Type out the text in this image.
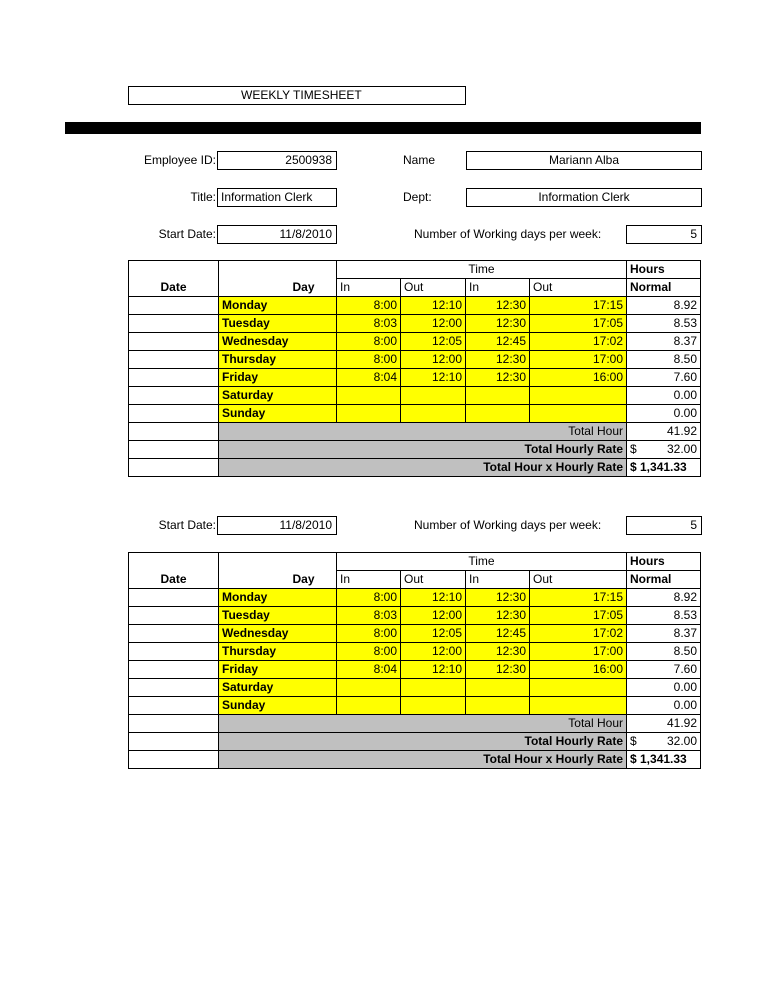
WEEKLY TIMESHEET
Employee ID:	2500938	Name	Mariann Alba
Title: Information Clerk	Dept:	Information Clerk
Start Date:	11/8/2010	Number of Working days per week:	5
		Time				Hours
Date	Day	In	Out	In	Out	Normal
	Monday	8:00	12:10	12:30	17:15	8.92
	Tuesday	8:03	12:00	12:30	17:05	8.53
	Wednesday	8:00	12:05	12:45	17:02	8.37
	Thursday	8:00	12:00	12:30	17:00	8.50
	Friday	8:04	12:10	12:30	16:00	7.60
	Saturday					0.00
	Sunday					0.00
	Total Hour					41.92
	Total Hourly Rate					$ 32.00

	Total Hour x Hourly Rate					$ 1,341.33
Start Date:	11/8/2010	Number of Working days per week:	5
		Time				Hours
Date	Day	In	Out	In	Out	Normal
	Monday	8:00	12:10	12:30	17:15	8.92
	Tuesday	8:03	12:00	12:30	17:05	8.53
	Wednesday	8:00	12:05	12:45	17:02	8.37
	Thursday	8:00	12:00	12:30	17:00	8.50
	Friday	8:04	12:10	12:30	16:00	7.60
	Saturday					0.00
	Sunday					0.00
	Total Hour					41.92
	Total Hourly Rate					$ 32.00

	Total Hour x Hourly Rate					$ 1,341.33
